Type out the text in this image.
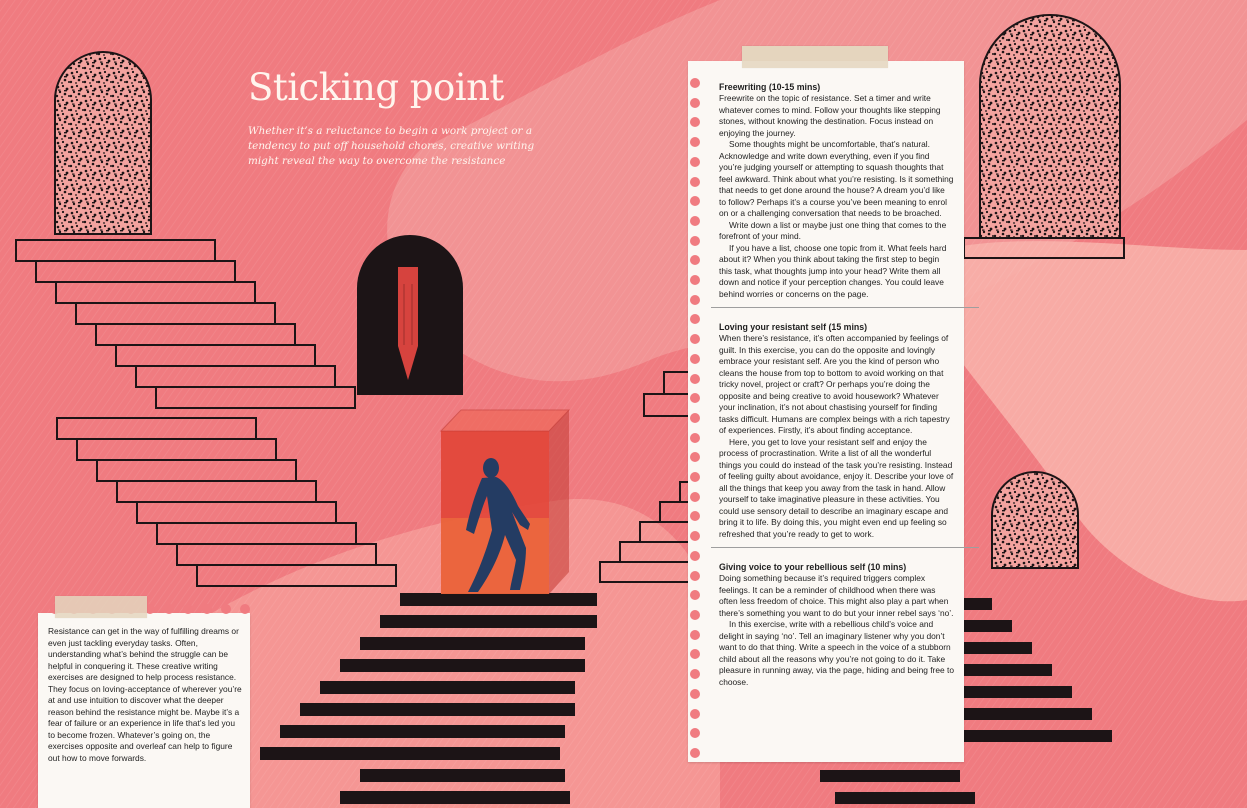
Sticking point

Whether it’s a reluctance to begin a work project or a tendency to put off household chores, creative writing might reveal the way to overcome the resistance

Freewriting (10-15 mins)

Freewrite on the topic of resistance. Set a timer and write whatever comes to mind. Follow your thoughts like stepping stones, without knowing the destination. Focus instead on enjoying the journey.

Some thoughts might be uncomfortable, that’s natural. Acknowledge and write down everything, even if you find you’re judging yourself or attempting to squash thoughts that feel awkward. Think about what you’re resisting. Is it something that needs to get done around the house? A dream you’d like to follow? Perhaps it’s a course you’ve been meaning to enrol on or a challenging conversation that needs to be broached.

Write down a list or maybe just one thing that comes to the forefront of your mind.

If you have a list, choose one topic from it. What feels hard about it? When you think about taking the first step to begin this task, what thoughts jump into your head? Write them all down and notice if your perception changes. You could leave behind worries or concerns on the page.

Loving your resistant self (15 mins)

When there’s resistance, it’s often accompanied by feelings of guilt. In this exercise, you can do the opposite and lovingly embrace your resistant self. Are you the kind of person who cleans the house from top to bottom to avoid working on that tricky novel, project or craft? Or perhaps you’re doing the opposite and being creative to avoid housework? Whatever your inclination, it’s not about chastising yourself for finding tasks difficult. Humans are complex beings with a rich tapestry of experiences. Firstly, it’s about finding acceptance.

Here, you get to love your resistant self and enjoy the process of procrastination. Write a list of all the wonderful things you could do instead of the task you’re resisting. Instead of feeling guilty about avoidance, enjoy it. Describe your love of all the things that keep you away from the task in hand. Allow yourself to take imaginative pleasure in these activities. You could use sensory detail to describe an imaginary escape and bring it to life. By doing this, you might even end up feeling so refreshed that you’re ready to get to work.

Giving voice to your rebellious self (10 mins)

Doing something because it’s required triggers complex feelings. It can be a reminder of childhood when there was often less freedom of choice. This might also play a part when there’s something you want to do but your inner rebel says ‘no’.

In this exercise, write with a rebellious child’s voice and delight in saying ‘no’. Tell an imaginary listener why you don’t want to do that thing. Write a speech in the voice of a stubborn child about all the reasons why you’re not going to do it. Take pleasure in running away, via the page, hiding and being free to choose.

Resistance can get in the way of fulfilling dreams or even just tackling everyday tasks. Often, understanding what’s behind the struggle can be helpful in conquering it. These creative writing exercises are designed to help process resistance. They focus on loving-acceptance of wherever you’re at and use intuition to discover what the deeper reason behind the resistance might be. Maybe it’s a fear of failure or an experience in life that’s led you to become frozen. Whatever’s going on, the exercises opposite and overleaf can help to figure out how to move forwards.
